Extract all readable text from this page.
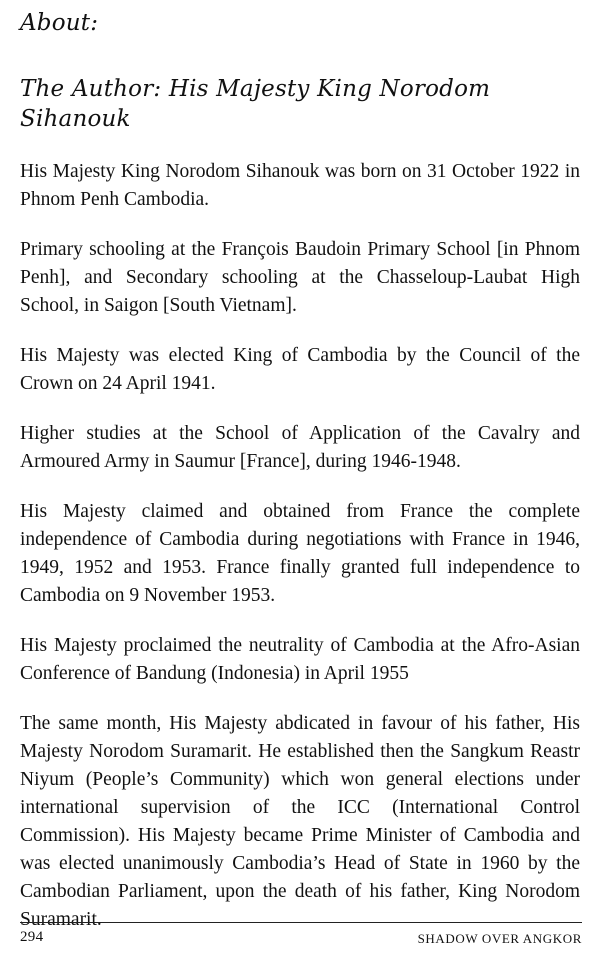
About:
The Author: His Majesty King Norodom Sihanouk

His Majesty King Norodom Sihanouk was born on 31 October 1922 in Phnom Penh Cambodia.

Primary schooling at the François Baudoin Primary School [in Phnom Penh], and Secondary schooling at the Chasseloup-Laubat High School, in Saigon [South Vietnam].

His Majesty was elected King of Cambodia by the Council of the Crown on 24 April 1941.

Higher studies at the School of Application of the Cavalry and Armoured Army in Saumur [France], during 1946-1948.

His Majesty claimed and obtained from France the complete independence of Cambodia during negotiations with France in 1946, 1949, 1952 and 1953. France finally granted full independence to Cambodia on 9 November 1953.

His Majesty proclaimed the neutrality of Cambodia at the Afro-Asian Conference of Bandung (Indonesia) in April 1955

The same month, His Majesty abdicated in favour of his father, His Majesty Norodom Suramarit. He established then the Sangkum Reastr Niyum (People’s Community) which won general elections under international supervision of the ICC (International Control Commission). His Majesty became Prime Minister of Cambodia and was elected unanimously Cambodia’s Head of State in 1960 by the Cambodian Parliament, upon the death of his father, King Norodom Suramarit.

294	SHADOW OVER ANGKOR
